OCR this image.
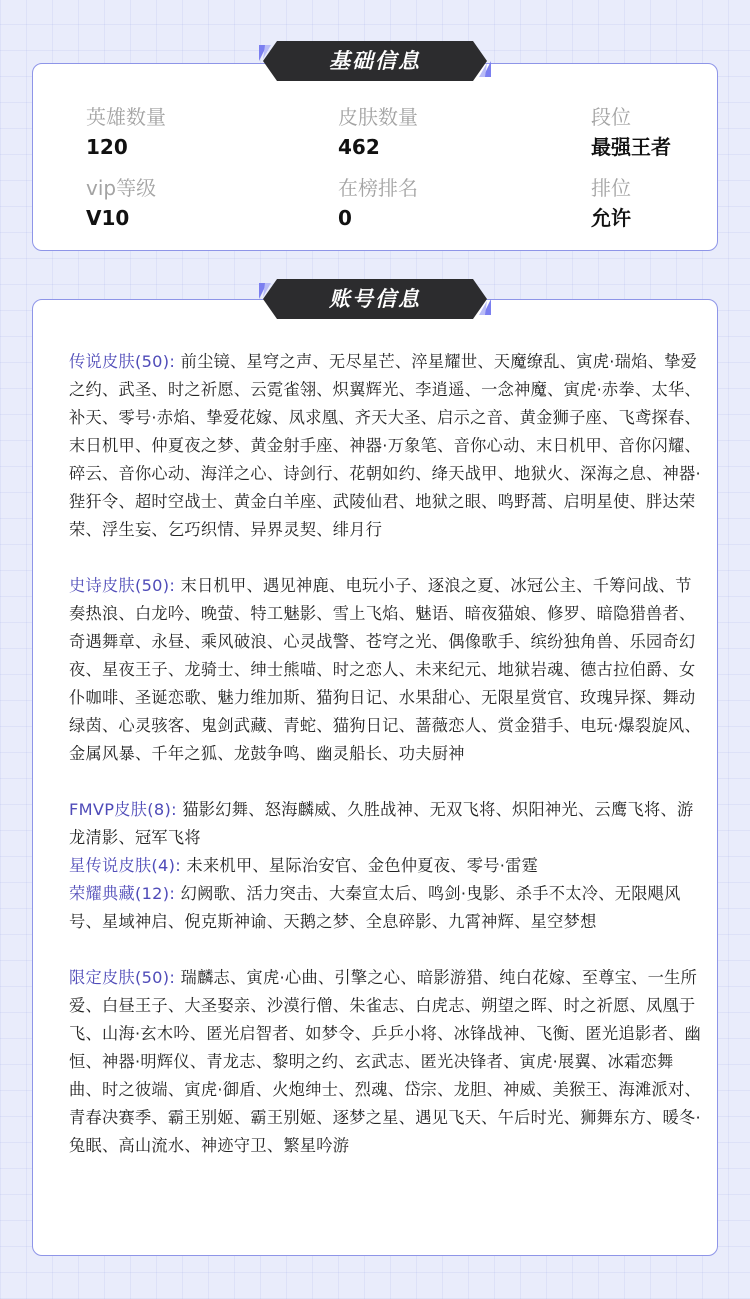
基础信息
英雄数量
120
皮肤数量
462
段位
最强王者
vip等级
V10
在榜排名
0
排位
允许
账号信息

传说皮肤(50): 前尘镜、星穹之声、无尽星芒、淬星耀世、天魔缭乱、寅虎·瑞焰、挚爱之约、武圣、时之祈愿、云霓雀翎、炽翼辉光、李逍遥、一念神魔、寅虎·赤拳、太华、补天、零号·赤焰、挚爱花嫁、凤求凰、齐天大圣、启示之音、黄金狮子座、飞鸢探春、末日机甲、仲夏夜之梦、黄金射手座、神器·万象笔、音你心动、末日机甲、音你闪耀、碎云、音你心动、海洋之心、诗剑行、花朝如约、绛天战甲、地狱火、深海之息、神器·狴犴令、超时空战士、黄金白羊座、武陵仙君、地狱之眼、鸣野蒿、启明星使、胖达荣荣、浮生妄、乞巧织情、异界灵契、绯月行

史诗皮肤(50): 末日机甲、遇见神鹿、电玩小子、逐浪之夏、冰冠公主、千筹问战、节奏热浪、白龙吟、晚萤、特工魅影、雪上飞焰、魅语、暗夜猫娘、修罗、暗隐猎兽者、奇遇舞章、永昼、乘风破浪、心灵战警、苍穹之光、偶像歌手、缤纷独角兽、乐园奇幻夜、星夜王子、龙骑士、绅士熊喵、时之恋人、未来纪元、地狱岩魂、德古拉伯爵、女仆咖啡、圣诞恋歌、魅力维加斯、猫狗日记、水果甜心、无限星赏官、玫瑰异探、舞动绿茵、心灵骇客、鬼剑武藏、青蛇、猫狗日记、蔷薇恋人、赏金猎手、电玩·爆裂旋风、金属风暴、千年之狐、龙鼓争鸣、幽灵船长、功夫厨神

FMVP皮肤(8): 猫影幻舞、怒海麟威、久胜战神、无双飞将、炽阳神光、云鹰飞将、游龙清影、冠军飞将

星传说皮肤(4): 未来机甲、星际治安官、金色仲夏夜、零号·雷霆

荣耀典藏(12): 幻阙歌、活力突击、大秦宣太后、鸣剑·曳影、杀手不太冷、无限飓风号、星域神启、倪克斯神谕、天鹅之梦、全息碎影、九霄神辉、星空梦想

限定皮肤(50): 瑞麟志、寅虎·心曲、引擎之心、暗影游猎、纯白花嫁、至尊宝、一生所爱、白昼王子、大圣娶亲、沙漠行僧、朱雀志、白虎志、朔望之晖、时之祈愿、凤凰于飞、山海·玄木吟、匿光启智者、如梦令、乒乒小将、冰锋战神、飞衡、匿光追影者、幽恒、神器·明辉仪、青龙志、黎明之约、玄武志、匿光决锋者、寅虎·展翼、冰霜恋舞曲、时之彼端、寅虎·御盾、火炮绅士、烈魂、岱宗、龙胆、神威、美猴王、海滩派对、青春决赛季、霸王别姬、霸王别姬、逐梦之星、遇见飞天、午后时光、狮舞东方、暖冬·兔眠、高山流水、神迹守卫、繁星吟游
